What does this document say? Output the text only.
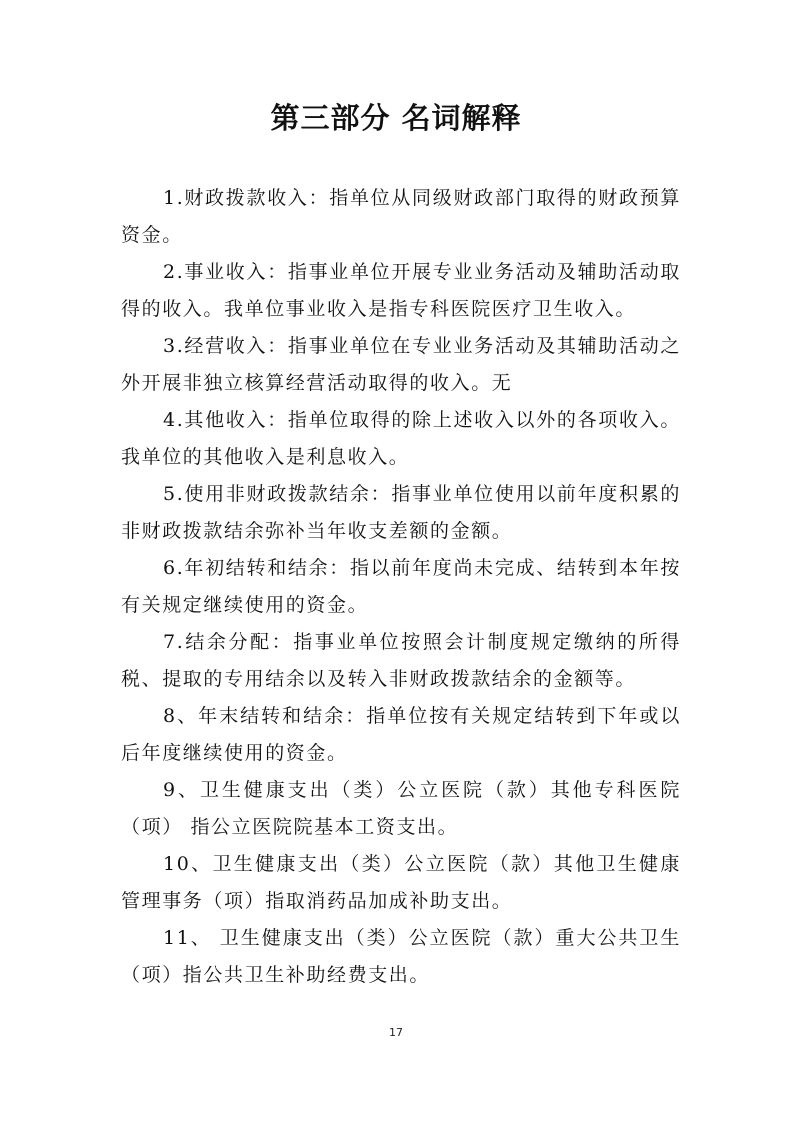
第三部分 名词解释

1.财政拨款收入：指单位从同级财政部门取得的财政预算资金。

2.事业收入：指事业单位开展专业业务活动及辅助活动取得的收入。我单位事业收入是指专科医院医疗卫生收入。

3.经营收入：指事业单位在专业业务活动及其辅助活动之外开展非独立核算经营活动取得的收入。无

4.其他收入：指单位取得的除上述收入以外的各项收入。我单位的其他收入是利息收入。

5.使用非财政拨款结余：指事业单位使用以前年度积累的非财政拨款结余弥补当年收支差额的金额。

6.年初结转和结余：指以前年度尚未完成、结转到本年按有关规定继续使用的资金。

7.结余分配：指事业单位按照会计制度规定缴纳的所得税、提取的专用结余以及转入非财政拨款结余的金额等。

8、年末结转和结余：指单位按有关规定结转到下年或以后年度继续使用的资金。

9、卫生健康支出（类）公立医院（款）其他专科医院（项） 指公立医院院基本工资支出。

10、卫生健康支出（类）公立医院（款）其他卫生健康管理事务（项）指取消药品加成补助支出。

11、 卫生健康支出（类）公立医院（款）重大公共卫生（项）指公共卫生补助经费支出。

17
